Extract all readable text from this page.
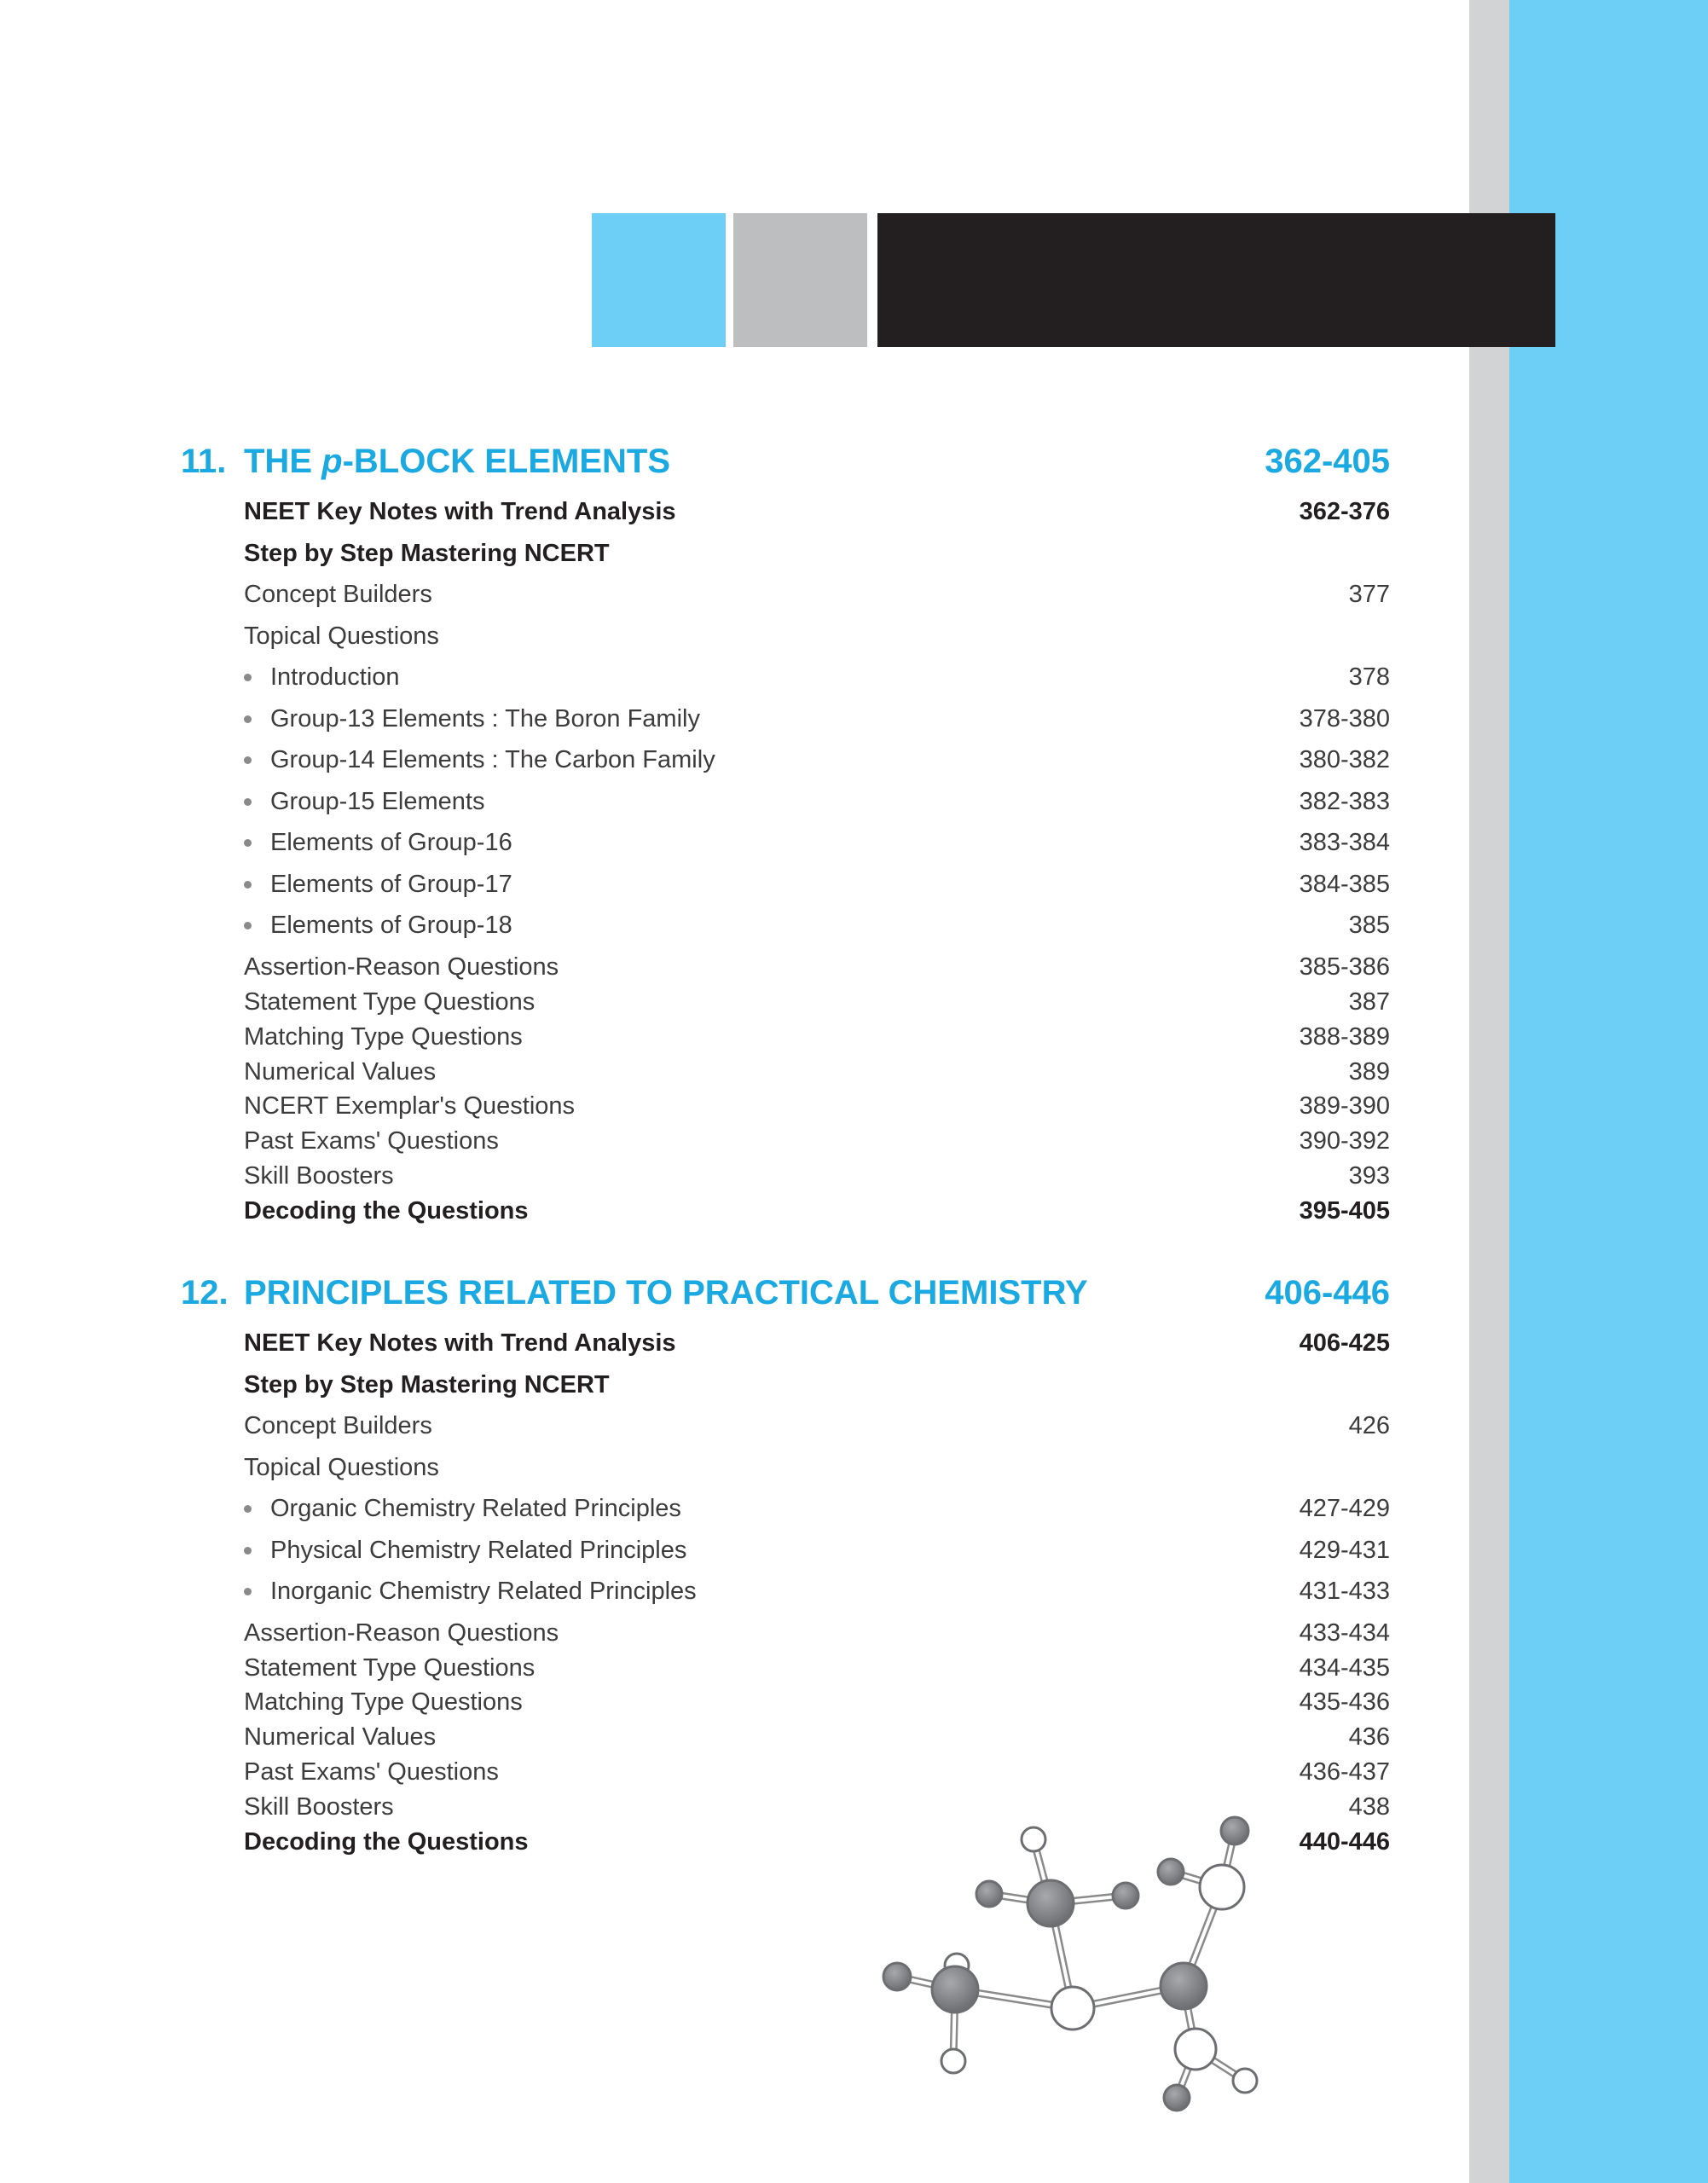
11. THE p-BLOCK ELEMENTS	362-405
NEET Key Notes with Trend Analysis	362-376
Step by Step Mastering NCERT
Concept Builders	377
Topical Questions
Introduction	378
Group-13 Elements : The Boron Family	378-380
Group-14 Elements : The Carbon Family	380-382
Group-15 Elements	382-383
Elements of Group-16	383-384
Elements of Group-17	384-385
Elements of Group-18	385
Assertion-Reason Questions	385-386
Statement Type Questions	387
Matching Type Questions	388-389
Numerical Values	389
NCERT Exemplar's Questions	389-390
Past Exams' Questions	390-392
Skill Boosters	393
Decoding the Questions	395-405
12. PRINCIPLES RELATED TO PRACTICAL CHEMISTRY	406-446
NEET Key Notes with Trend Analysis	406-425
Step by Step Mastering NCERT
Concept Builders	426
Topical Questions
Organic Chemistry Related Principles	427-429
Physical Chemistry Related Principles	429-431
Inorganic Chemistry Related Principles	431-433
Assertion-Reason Questions	433-434
Statement Type Questions	434-435
Matching Type Questions	435-436
Numerical Values	436
Past Exams' Questions	436-437
Skill Boosters	438
Decoding the Questions	440-446
